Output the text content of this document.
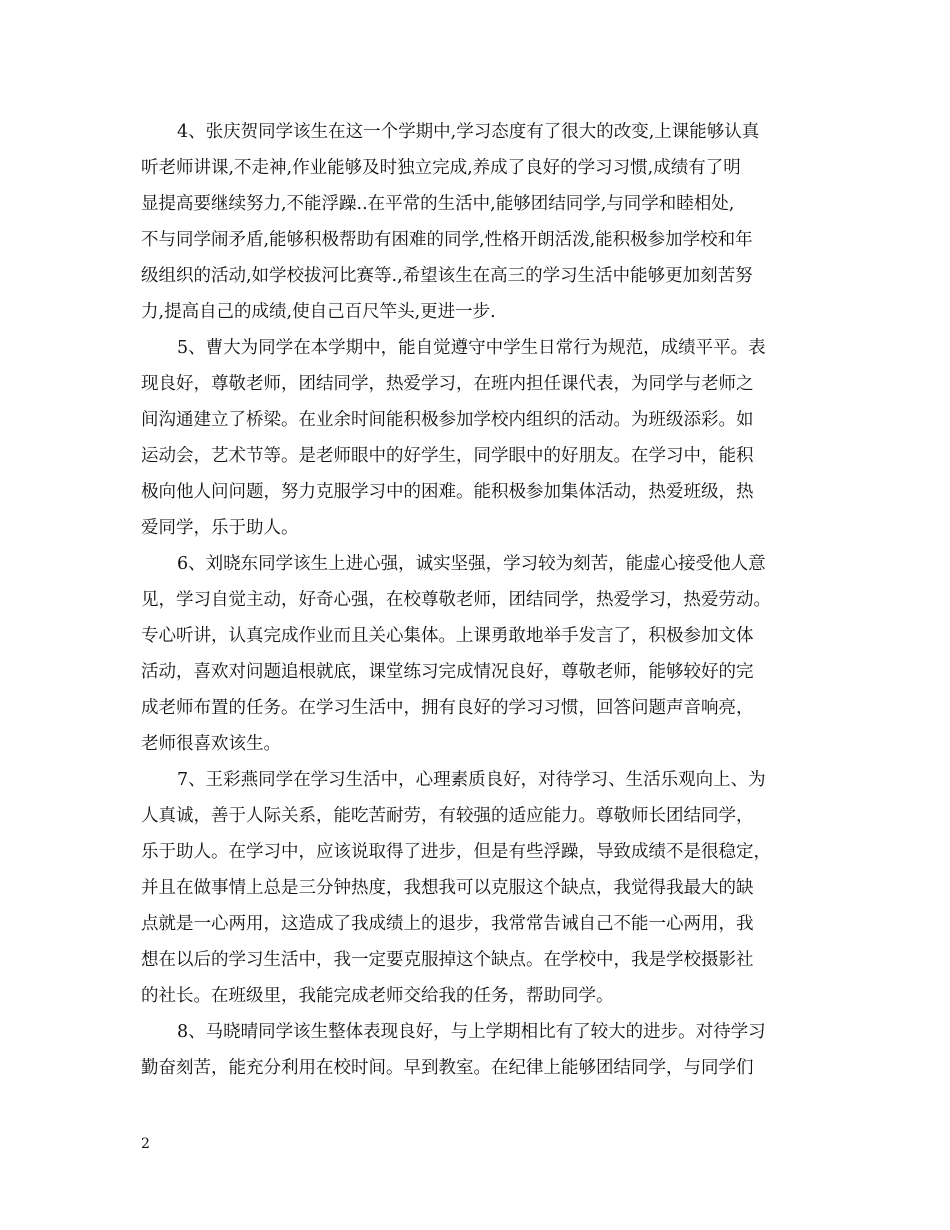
4、张庆贺同学该生在这一个学期中,学习态度有了很大的改变,上课能够认真
听老师讲课,不走神,作业能够及时独立完成,养成了良好的学习习惯,成绩有了明
显提高要继续努力,不能浮躁..在平常的生活中,能够团结同学,与同学和睦相处,
不与同学闹矛盾,能够积极帮助有困难的同学,性格开朗活泼,能积极参加学校和年
级组织的活动,如学校拔河比赛等.,希望该生在高三的学习生活中能够更加刻苦努
力,提高自己的成绩,使自己百尺竿头,更进一步.
5、曹大为同学在本学期中，能自觉遵守中学生日常行为规范，成绩平平。表
现良好，尊敬老师，团结同学，热爱学习，在班内担任课代表，为同学与老师之
间沟通建立了桥梁。在业余时间能积极参加学校内组织的活动。为班级添彩。如
运动会，艺术节等。是老师眼中的好学生，同学眼中的好朋友。在学习中，能积
极向他人问问题，努力克服学习中的困难。能积极参加集体活动，热爱班级，热
爱同学，乐于助人。
6、刘晓东同学该生上进心强，诚实坚强，学习较为刻苦，能虚心接受他人意
见，学习自觉主动，好奇心强，在校尊敬老师，团结同学，热爱学习，热爱劳动。
专心听讲，认真完成作业而且关心集体。上课勇敢地举手发言了，积极参加文体
活动，喜欢对问题追根就底，课堂练习完成情况良好，尊敬老师，能够较好的完
成老师布置的任务。在学习生活中，拥有良好的学习习惯，回答问题声音响亮，
老师很喜欢该生。
7、王彩燕同学在学习生活中，心理素质良好，对待学习、生活乐观向上、为
人真诚，善于人际关系，能吃苦耐劳，有较强的适应能力。尊敬师长团结同学，
乐于助人。在学习中，应该说取得了进步，但是有些浮躁，导致成绩不是很稳定，
并且在做事情上总是三分钟热度，我想我可以克服这个缺点，我觉得我最大的缺
点就是一心两用，这造成了我成绩上的退步，我常常告诫自己不能一心两用，我
想在以后的学习生活中，我一定要克服掉这个缺点。在学校中，我是学校摄影社
的社长。在班级里，我能完成老师交给我的任务，帮助同学。
8、马晓晴同学该生整体表现良好，与上学期相比有了较大的进步。对待学习
勤奋刻苦，能充分利用在校时间。早到教室。在纪律上能够团结同学，与同学们
2
